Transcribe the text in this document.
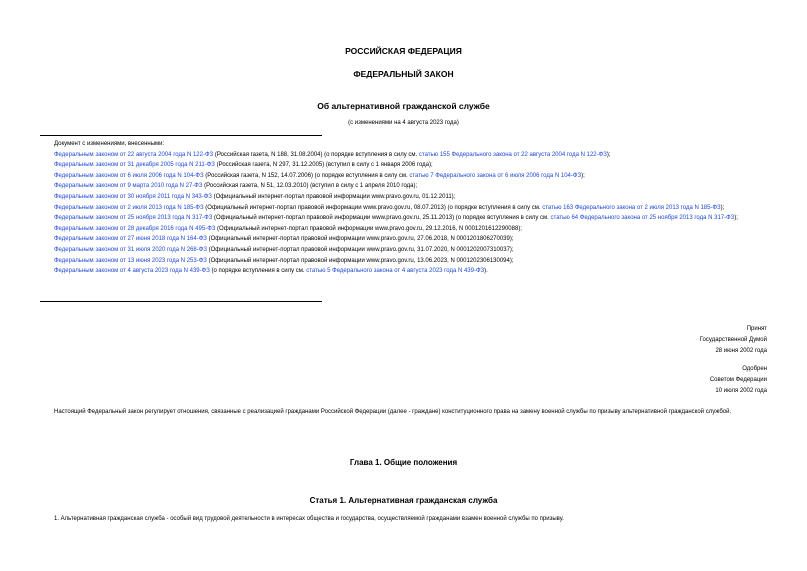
РОССИЙСКАЯ ФЕДЕРАЦИЯ
ФЕДЕРАЛЬНЫЙ ЗАКОН
Об альтернативной гражданской службе
(с изменениями на 4 августа 2023 года)

Документ с изменениями, внесенными:

Федеральным законом от 22 августа 2004 года N 122-ФЗ (Российская газета, N 188, 31.08.2004) (о порядке вступления в силу см. статью 155 Федерального закона от 22 августа 2004 года N 122-ФЗ);

Федеральным законом от 31 декабря 2005 года N 211-ФЗ (Российская газета, N 297, 31.12.2005) (вступил в силу с 1 января 2006 года);

Федеральным законом от 6 июля 2006 года N 104-ФЗ (Российская газета, N 152, 14.07.2006) (о порядке вступления в силу см. статью 7 Федерального закона от 6 июля 2006 года N 104-ФЗ);

Федеральным законом от 9 марта 2010 года N 27-ФЗ (Российская газета, N 51, 12.03.2010) (вступил в силу с 1 апреля 2010 года);

Федеральным законом от 30 ноября 2011 года N 343-ФЗ (Официальный интернет-портал правовой информации www.pravo.gov.ru, 01.12.2011);

Федеральным законом от 2 июля 2013 года N 185-ФЗ (Официальный интернет-портал правовой информации www.pravo.gov.ru, 08.07.2013) (о порядке вступления в силу см. статью 163 Федерального закона от 2 июля 2013 года N 185-ФЗ);

Федеральным законом от 25 ноября 2013 года N 317-ФЗ (Официальный интернет-портал правовой информации www.pravo.gov.ru, 25.11.2013) (о порядке вступления в силу см. статью 64 Федерального закона от 25 ноября 2013 года N 317-ФЗ);

Федеральным законом от 28 декабря 2016 года N 495-ФЗ (Официальный интернет-портал правовой информации www.pravo.gov.ru, 29.12.2016, N 0001201612290088);

Федеральным законом от 27 июня 2018 года N 164-ФЗ (Официальный интернет-портал правовой информации www.pravo.gov.ru, 27.06.2018, N 0001201806270039);

Федеральным законом от 31 июля 2020 года N 268-ФЗ (Официальный интернет-портал правовой информации www.pravo.gov.ru, 31.07.2020, N 0001202007310037);

Федеральным законом от 13 июня 2023 года N 253-ФЗ (Официальный интернет-портал правовой информации www.pravo.gov.ru, 13.06.2023, N 0001202306130094);

Федеральным законом от 4 августа 2023 года N 439-ФЗ (о порядке вступления в силу см. статью 5 Федерального закона от 4 августа 2023 года N 439-ФЗ).

Принят
Государственной Думой
28 июня 2002 года
Одобрен
Советом Федерации
10 июля 2002 года
Настоящий Федеральный закон регулирует отношения, связанные с реализацией гражданами Российской Федерации (далее - граждане) конституционного права на замену военной службы по призыву альтернативной гражданской службой.
Глава 1. Общие положения
Статья 1. Альтернативная гражданская служба
1. Альтернативная гражданская служба - особый вид трудовой деятельности в интересах общества и государства, осуществляемой гражданами взамен военной службы по призыву.
